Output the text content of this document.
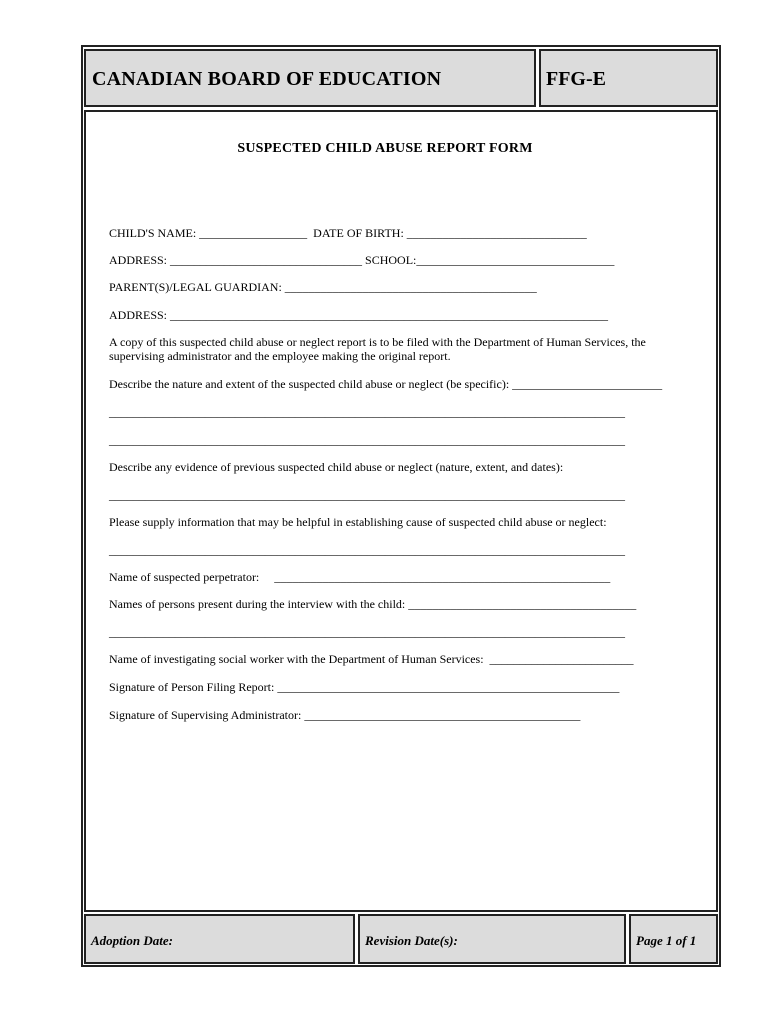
CANADIAN BOARD OF EDUCATION	FFG-E
SUSPECTED CHILD ABUSE REPORT FORM
CHILD'S NAME: __________________  DATE OF BIRTH: ______________________________
ADDRESS: ________________________________ SCHOOL:_________________________________
PARENT(S)/LEGAL GUARDIAN: __________________________________________
ADDRESS: _________________________________________________________________________
A copy of this suspected child abuse or neglect report is to be filed with the Department of Human Services, the supervising administrator and the employee making the original report.
Describe the nature and extent of the suspected child abuse or neglect (be specific): _________________________
______________________________________________________________________________________
______________________________________________________________________________________
Describe any evidence of previous suspected child abuse or neglect (nature, extent, and dates):
______________________________________________________________________________________
Please supply information that may be helpful in establishing cause of suspected child abuse or neglect:
______________________________________________________________________________________
Name of suspected perpetrator:     ________________________________________________________
Names of persons present during the interview with the child: ______________________________________
______________________________________________________________________________________
Name of investigating social worker with the Department of Human Services:  ________________________
Signature of Person Filing Report: _________________________________________________________
Signature of Supervising Administrator: ______________________________________________
Adoption Date:	Revision Date(s):	Page 1 of 1
